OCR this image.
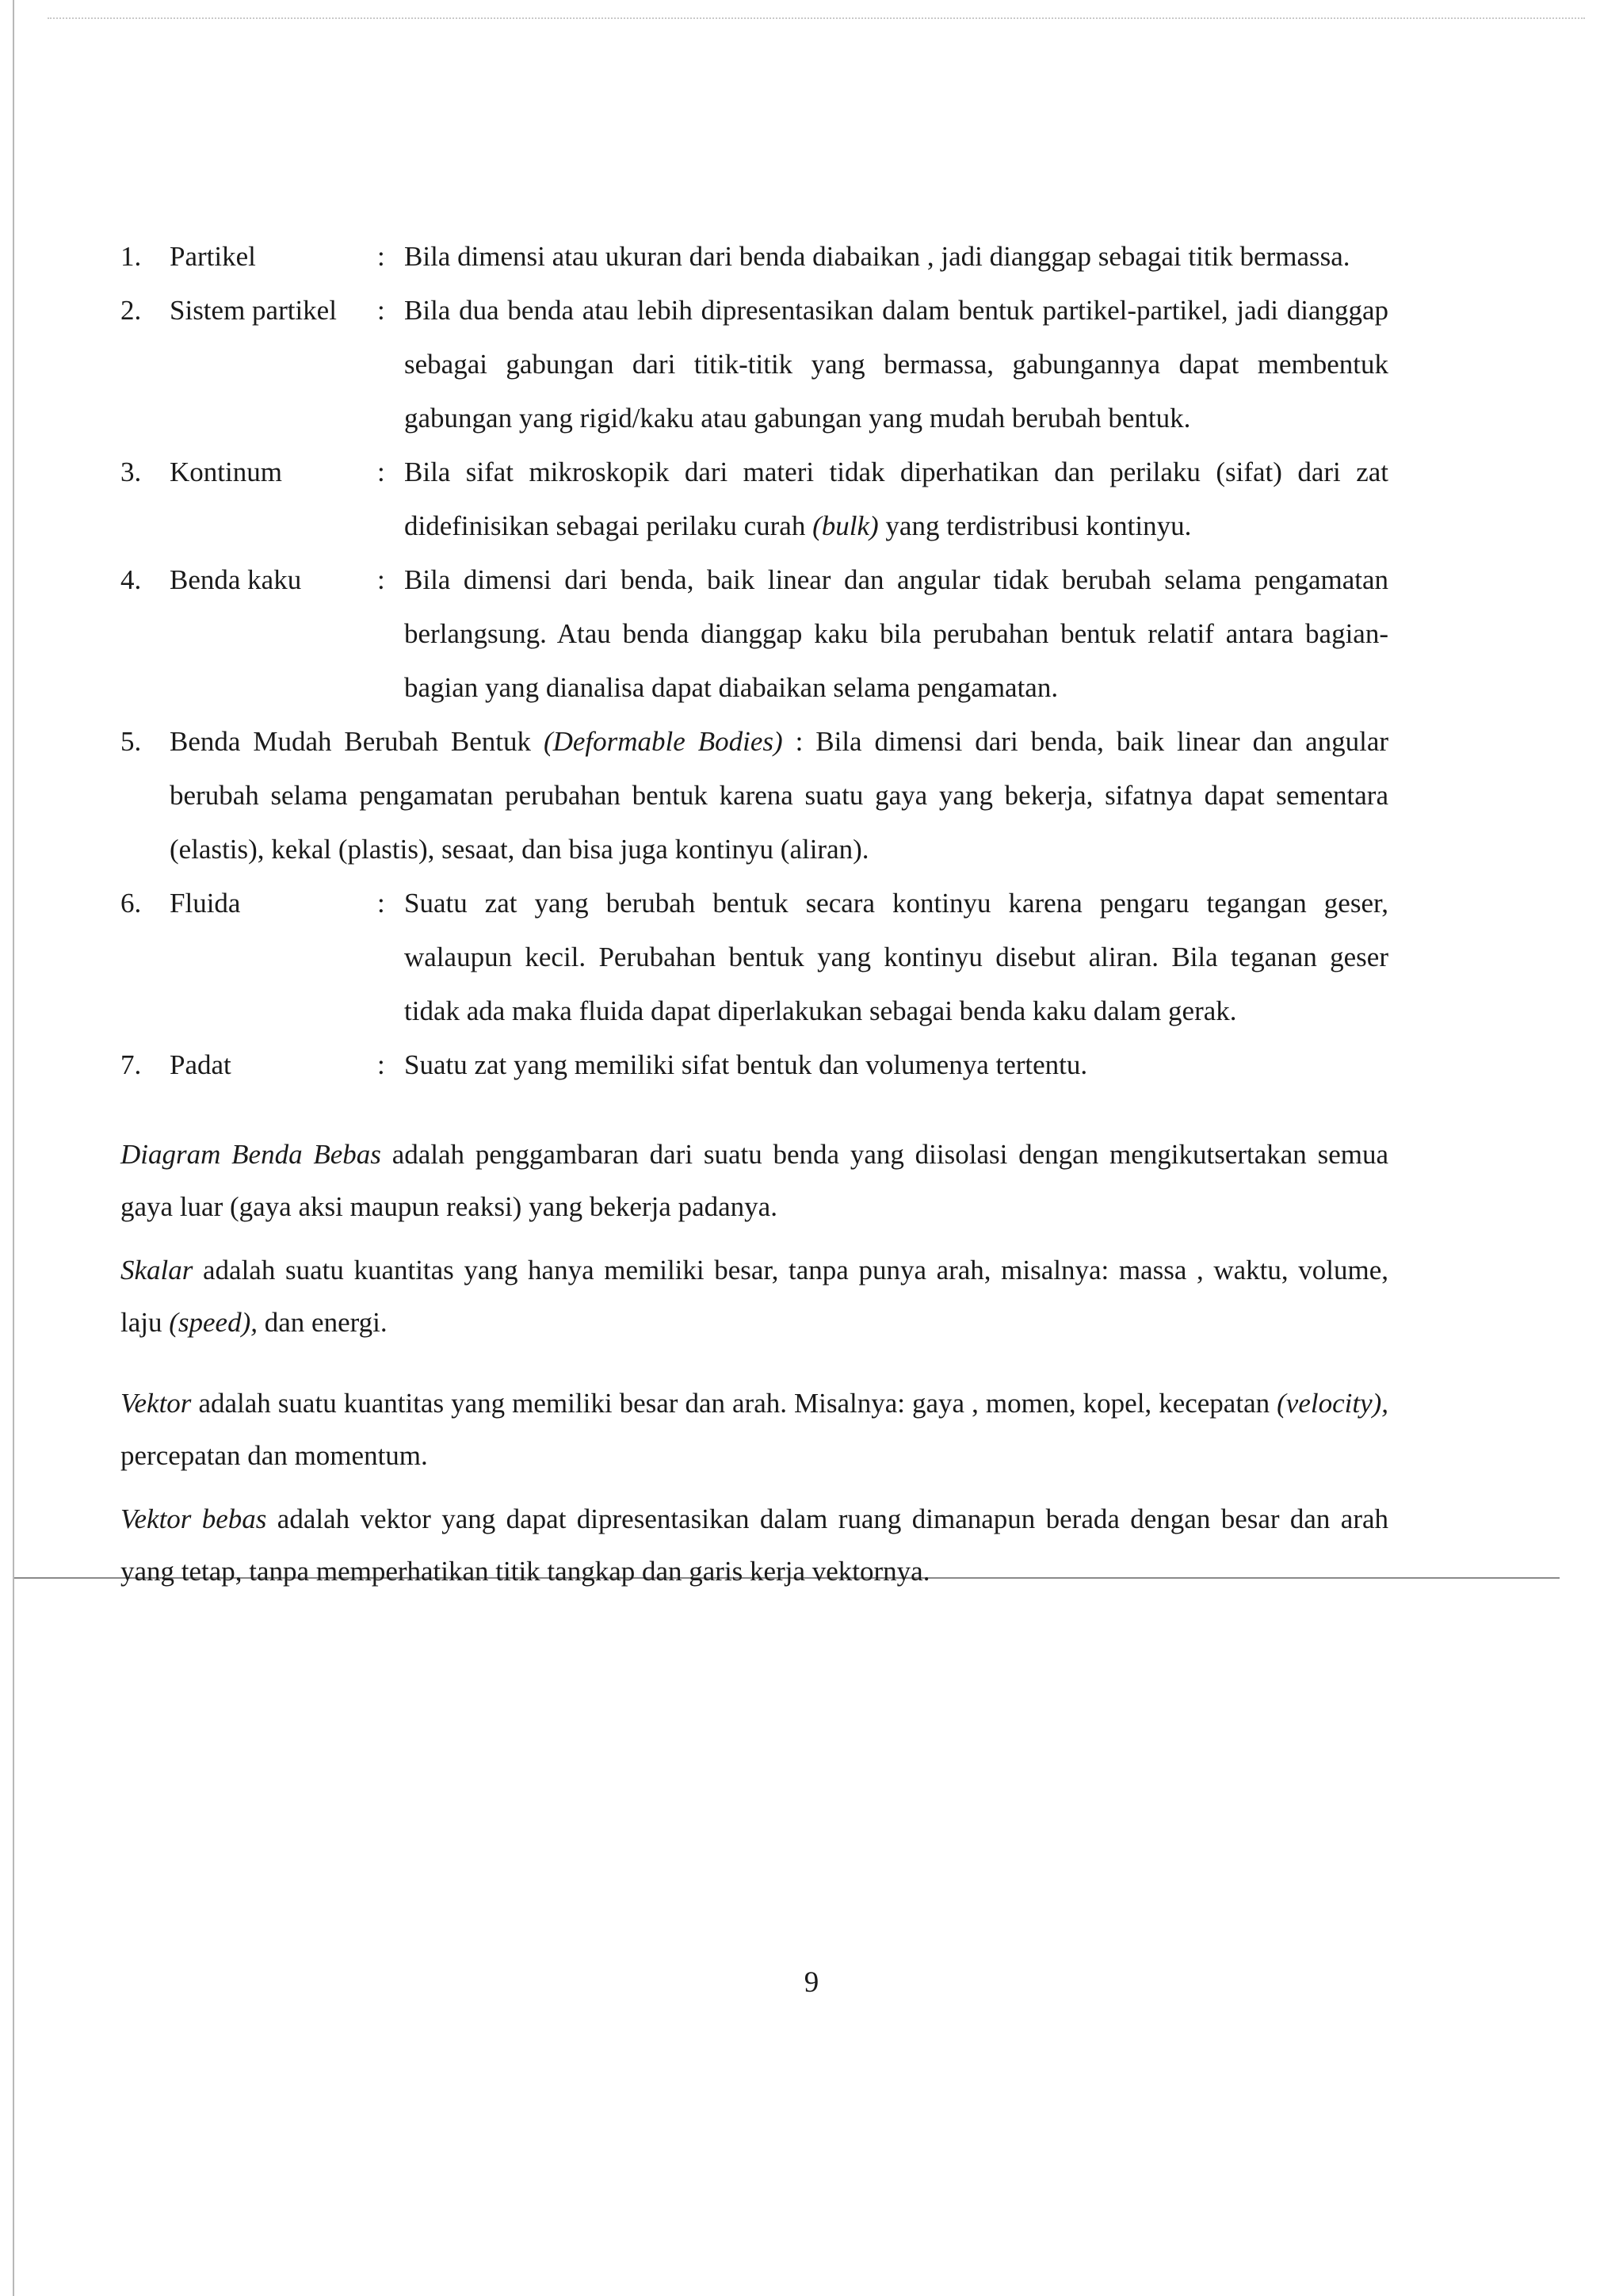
1.	Partikel	: Bila dimensi atau ukuran dari benda diabaikan , jadi dianggap sebagai titik bermassa.
2.	Sistem partikel	: Bila dua benda atau lebih dipresentasikan dalam bentuk partikel-partikel, jadi dianggap sebagai gabungan dari titik-titik yang bermassa, gabungannya dapat membentuk gabungan yang rigid/kaku atau gabungan yang mudah berubah bentuk.
3.	Kontinum	: Bila sifat mikroskopik dari materi tidak diperhatikan dan perilaku (sifat) dari zat didefinisikan sebagai perilaku curah (bulk) yang terdistribusi kontinyu.
4.	Benda kaku	: Bila dimensi dari benda, baik linear dan angular tidak berubah selama pengamatan berlangsung. Atau benda dianggap kaku bila perubahan bentuk relatif antara bagian-bagian yang dianalisa dapat diabaikan selama pengamatan.
5.	Benda Mudah Berubah Bentuk (Deformable Bodies) : Bila dimensi dari benda, baik linear dan angular berubah selama pengamatan perubahan bentuk karena suatu gaya yang bekerja, sifatnya dapat sementara (elastis), kekal (plastis), sesaat, dan bisa juga kontinyu (aliran).
6.	Fluida	: Suatu zat yang berubah bentuk secara kontinyu karena pengaru tegangan geser, walaupun kecil. Perubahan bentuk yang kontinyu disebut aliran. Bila teganan geser tidak ada maka fluida dapat diperlakukan sebagai benda kaku dalam gerak.
7.	Padat	: Suatu zat yang memiliki sifat bentuk dan volumenya tertentu.

Diagram Benda Bebas adalah penggambaran dari suatu benda yang diisolasi dengan mengikutsertakan semua gaya luar (gaya aksi maupun reaksi) yang bekerja padanya.

Skalar adalah suatu kuantitas yang hanya memiliki besar, tanpa punya arah, misalnya: massa , waktu, volume, laju (speed), dan energi.

Vektor adalah suatu kuantitas yang memiliki besar dan arah. Misalnya: gaya , momen, kopel, kecepatan (velocity), percepatan dan momentum.

Vektor bebas adalah vektor yang dapat dipresentasikan dalam ruang dimanapun berada dengan besar dan arah yang tetap, tanpa memperhatikan titik tangkap dan garis kerja vektornya.

9
